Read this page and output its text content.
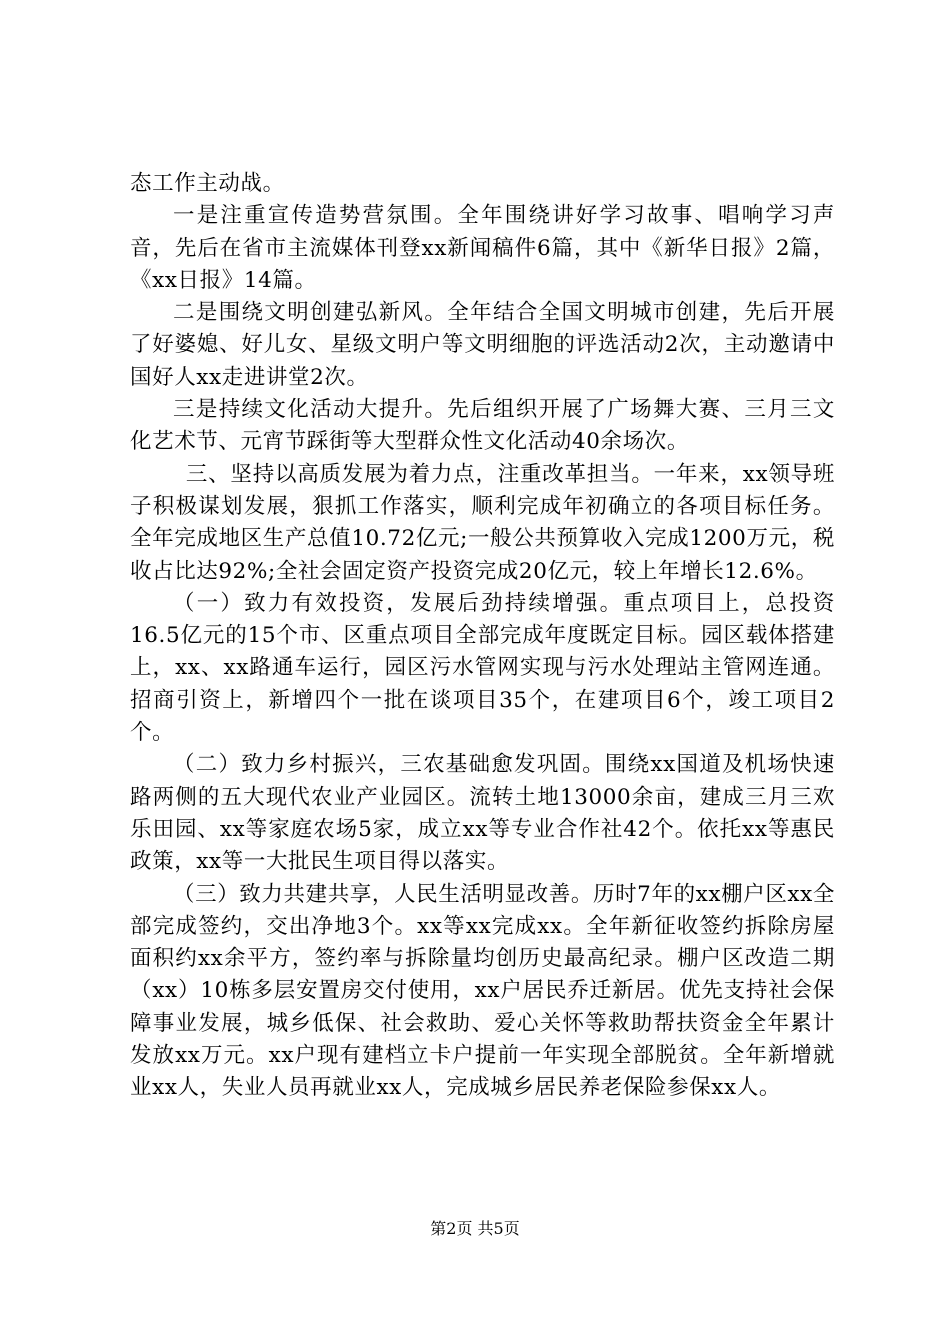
态工作主动战。

一是注重宣传造势营氛围。全年围绕讲好学习故事、唱响学习声音，先后在省市主流媒体刊登xx新闻稿件6篇，其中《新华日报》2篇，《xx日报》14篇。

二是围绕文明创建弘新风。全年结合全国文明城市创建，先后开展了好婆媳、好儿女、星级文明户等文明细胞的评选活动2次，主动邀请中国好人xx走进讲堂2次。

三是持续文化活动大提升。先后组织开展了广场舞大赛、三月三文化艺术节、元宵节踩街等大型群众性文化活动40余场次。

三、坚持以高质发展为着力点，注重改革担当。一年来，xx领导班子积极谋划发展，狠抓工作落实，顺利完成年初确立的各项目标任务。全年完成地区生产总值10.72亿元;一般公共预算收入完成1200万元，税收占比达92%;全社会固定资产投资完成20亿元，较上年增长12.6%。

（一）致力有效投资，发展后劲持续增强。重点项目上，总投资16.5亿元的15个市、区重点项目全部完成年度既定目标。园区载体搭建上，xx、xx路通车运行，园区污水管网实现与污水处理站主管网连通。招商引资上，新增四个一批在谈项目35个，在建项目6个，竣工项目2个。

（二）致力乡村振兴，三农基础愈发巩固。围绕xx国道及机场快速路两侧的五大现代农业产业园区。流转土地13000余亩，建成三月三欢乐田园、xx等家庭农场5家，成立xx等专业合作社42个。依托xx等惠民政策，xx等一大批民生项目得以落实。

（三）致力共建共享，人民生活明显改善。历时7年的xx棚户区xx全部完成签约，交出净地3个。xx等xx完成xx。全年新征收签约拆除房屋面积约xx余平方，签约率与拆除量均创历史最高纪录。棚户区改造二期（xx）10栋多层安置房交付使用，xx户居民乔迁新居。优先支持社会保障事业发展，城乡低保、社会救助、爱心关怀等救助帮扶资金全年累计发放xx万元。xx户现有建档立卡户提前一年实现全部脱贫。全年新增就业xx人，失业人员再就业xx人，完成城乡居民养老保险参保xx人。

第2页 共5页
